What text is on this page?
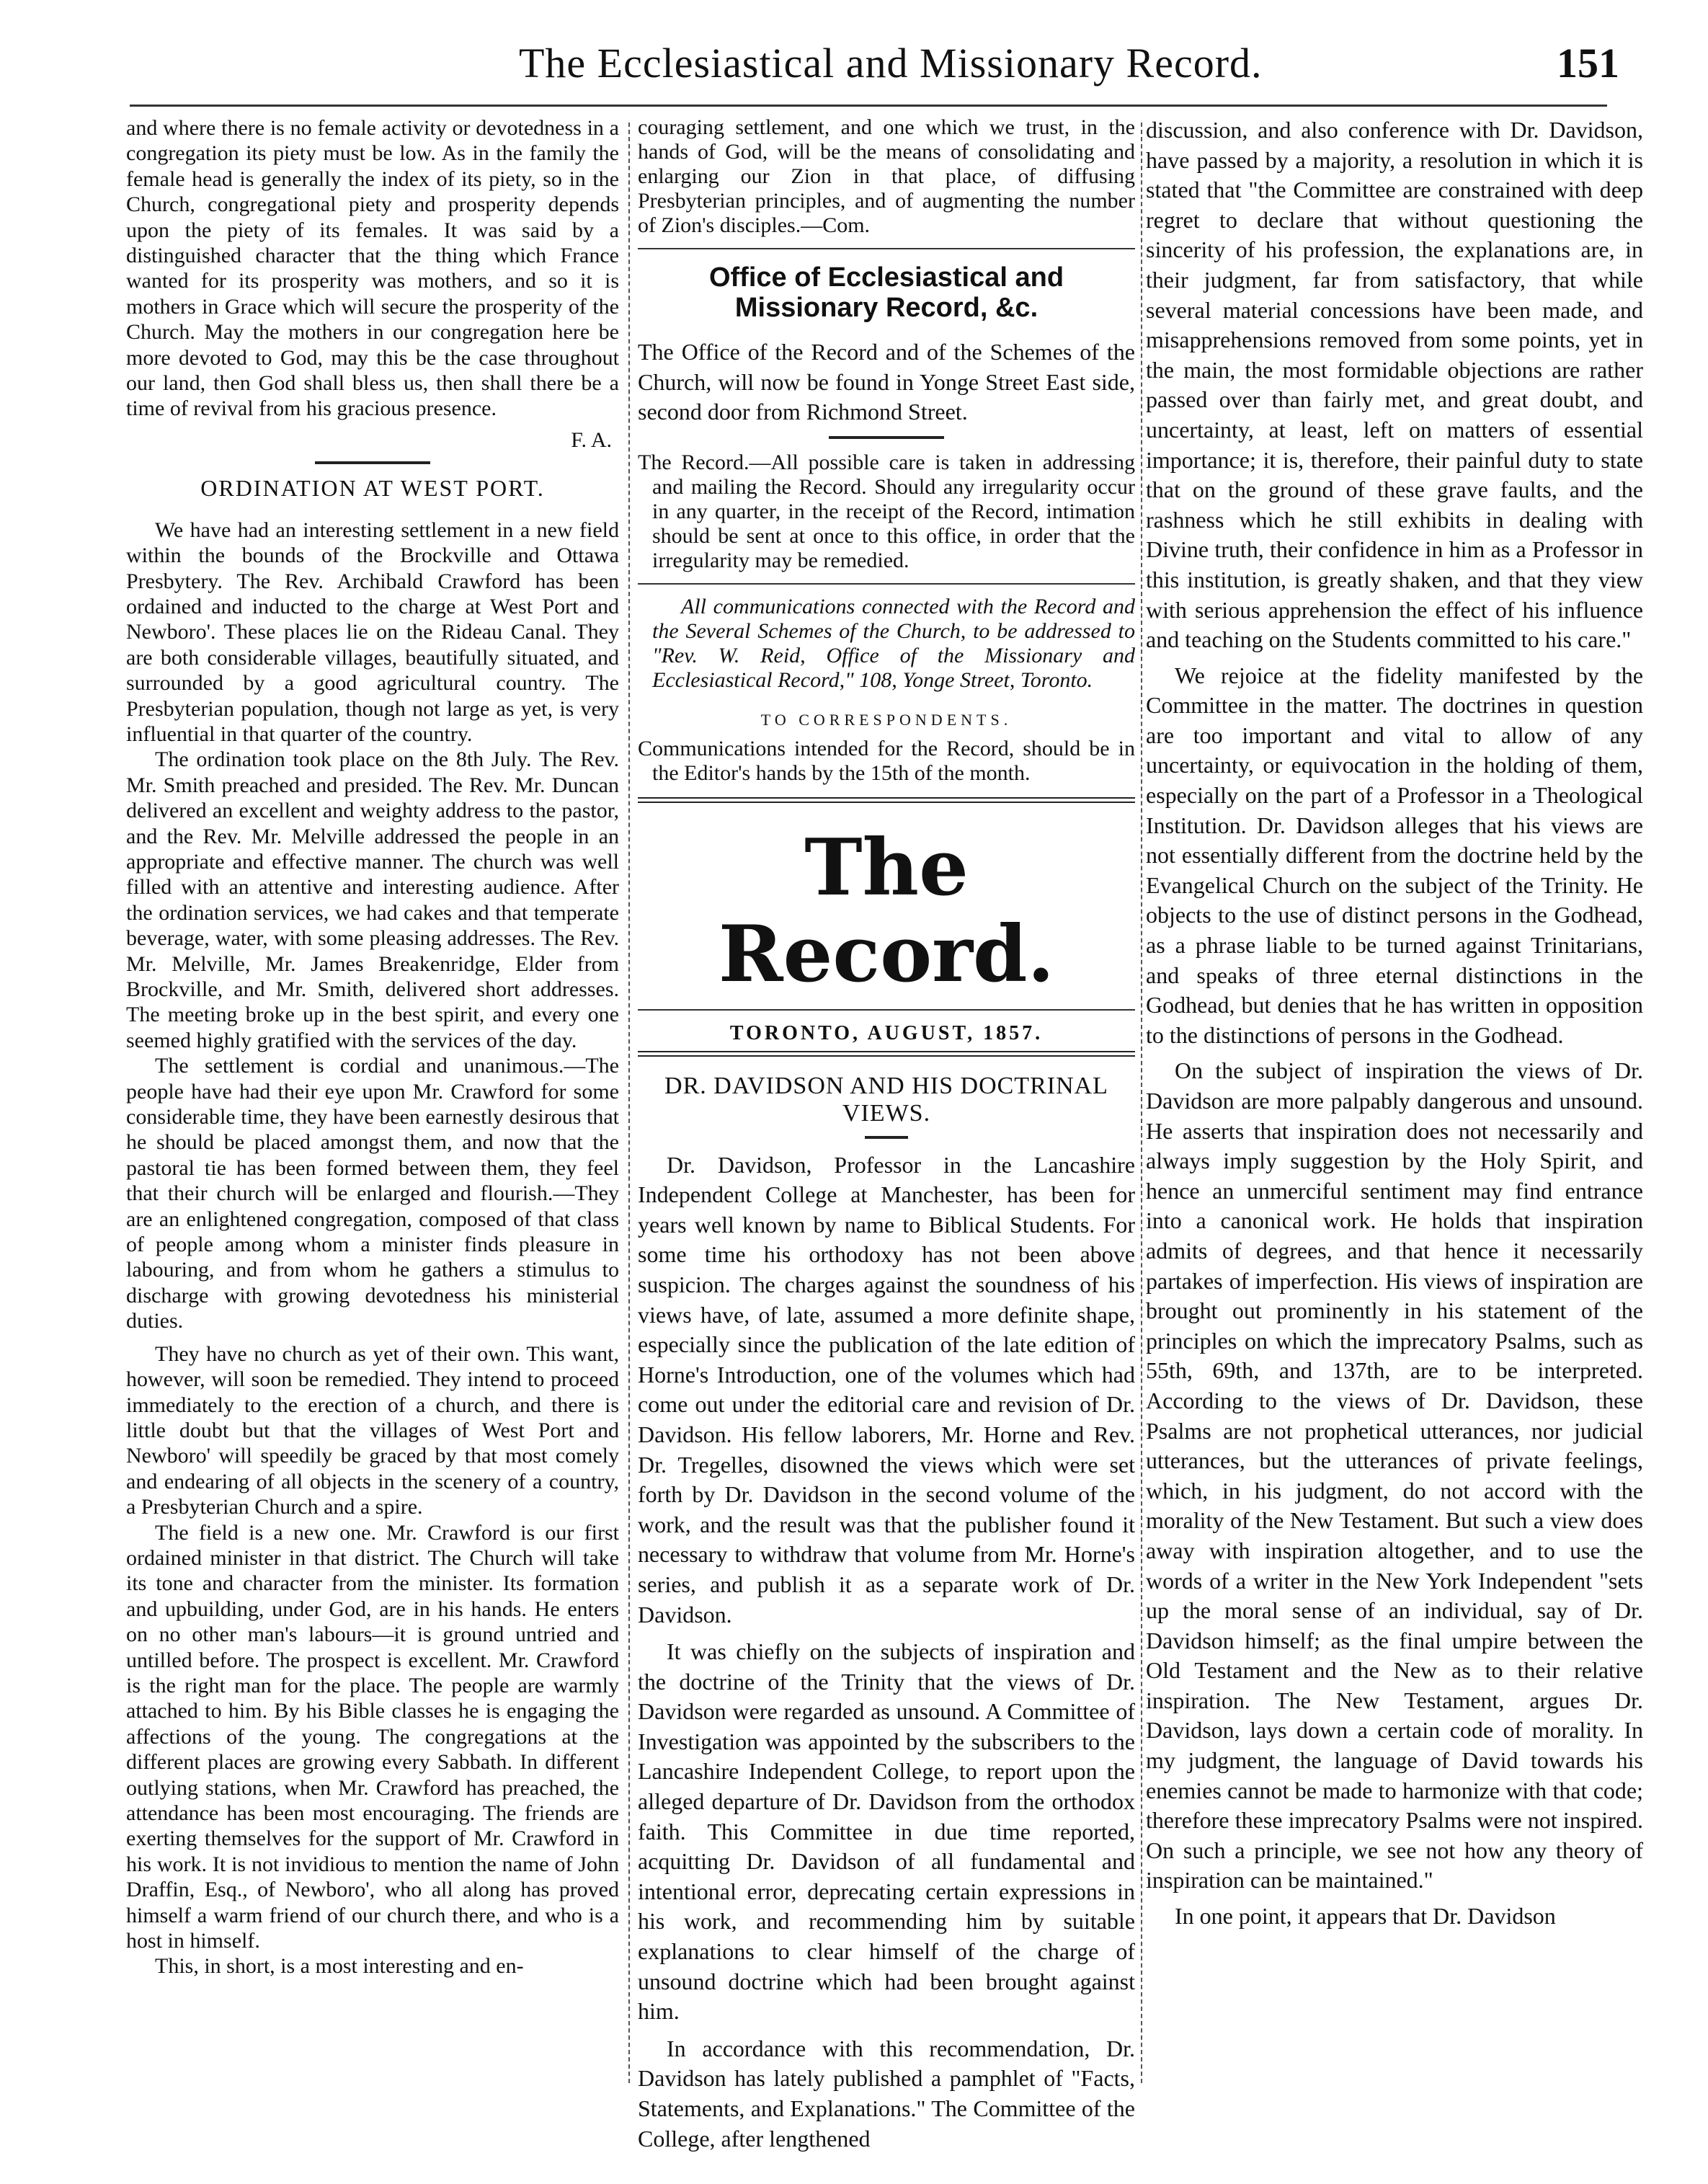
The Ecclesiastical and Missionary Record.	151

and where there is no female activity or devotedness in a congregation its piety must be low. As in the family the female head is generally the index of its piety, so in the Church, congregational piety and prosperity depends upon the piety of its females. It was said by a distinguished character that the thing which France wanted for its prosperity was mothers, and so it is mothers in Grace which will secure the prosperity of the Church. May the mothers in our congregation here be more devoted to God, may this be the case throughout our land, then God shall bless us, then shall there be a time of revival from his gracious presence.

F. A.
ORDINATION AT WEST PORT.

We have had an interesting settlement in a new field within the bounds of the Brockville and Ottawa Presbytery. The Rev. Archibald Crawford has been ordained and inducted to the charge at West Port and Newboro'. These places lie on the Rideau Canal. They are both considerable villages, beautifully situated, and surrounded by a good agricultural country. The Presbyterian population, though not large as yet, is very influential in that quarter of the country.

The ordination took place on the 8th July. The Rev. Mr. Smith preached and presided. The Rev. Mr. Duncan delivered an excellent and weighty address to the pastor, and the Rev. Mr. Melville addressed the people in an appropriate and effective manner. The church was well filled with an attentive and interesting audience. After the ordination services, we had cakes and that temperate beverage, water, with some pleasing addresses. The Rev. Mr. Melville, Mr. James Breakenridge, Elder from Brockville, and Mr. Smith, delivered short addresses. The meeting broke up in the best spirit, and every one seemed highly gratified with the services of the day.

The settlement is cordial and unanimous.—The people have had their eye upon Mr. Crawford for some considerable time, they have been earnestly desirous that he should be placed amongst them, and now that the pastoral tie has been formed between them, they feel that their church will be enlarged and flourish.—They are an enlightened congregation, composed of that class of people among whom a minister finds pleasure in labouring, and from whom he gathers a stimulus to discharge with growing devotedness his ministerial duties.

They have no church as yet of their own. This want, however, will soon be remedied. They intend to proceed immediately to the erection of a church, and there is little doubt but that the villages of West Port and Newboro' will speedily be graced by that most comely and endearing of all objects in the scenery of a country, a Presbyterian Church and a spire.

The field is a new one. Mr. Crawford is our first ordained minister in that district. The Church will take its tone and character from the minister. Its formation and upbuilding, under God, are in his hands. He enters on no other man's labours—it is ground untried and untilled before. The prospect is excellent. Mr. Crawford is the right man for the place. The people are warmly attached to him. By his Bible classes he is engaging the affections of the young. The congregations at the different places are growing every Sabbath. In different outlying stations, when Mr. Crawford has preached, the attendance has been most encouraging. The friends are exerting themselves for the support of Mr. Crawford in his work. It is not invidious to mention the name of John Draffin, Esq., of Newboro', who all along has proved himself a warm friend of our church there, and who is a host in himself.

This, in short, is a most interesting and en-

couraging settlement, and one which we trust, in the hands of God, will be the means of consolidating and enlarging our Zion in that place, of diffusing Presbyterian principles, and of augmenting the number of Zion's disciples.—Com.

Office of Ecclesiastical and Missionary Record, &c.

The Office of the Record and of the Schemes of the Church, will now be found in Yonge Street East side, second door from Richmond Street.

The Record.—All possible care is taken in addressing and mailing the Record. Should any irregularity occur in any quarter, in the receipt of the Record, intimation should be sent at once to this office, in order that the irregularity may be remedied.

All communications connected with the Record and the Several Schemes of the Church, to be addressed to "Rev. W. Reid, Office of the Missionary and Ecclesiastical Record," 108, Yonge Street, Toronto.

TO CORRESPONDENTS.

Communications intended for the Record, should be in the Editor's hands by the 15th of the month.

The Record.
TORONTO, AUGUST, 1857.
DR. DAVIDSON AND HIS DOCTRINAL VIEWS.

Dr. Davidson, Professor in the Lancashire Independent College at Manchester, has been for years well known by name to Biblical Students. For some time his orthodoxy has not been above suspicion. The charges against the soundness of his views have, of late, assumed a more definite shape, especially since the publication of the late edition of Horne's Introduction, one of the volumes which had come out under the editorial care and revision of Dr. Davidson. His fellow laborers, Mr. Horne and Rev. Dr. Tregelles, disowned the views which were set forth by Dr. Davidson in the second volume of the work, and the result was that the publisher found it necessary to withdraw that volume from Mr. Horne's series, and publish it as a separate work of Dr. Davidson.

It was chiefly on the subjects of inspiration and the doctrine of the Trinity that the views of Dr. Davidson were regarded as unsound. A Committee of Investigation was appointed by the subscribers to the Lancashire Independent College, to report upon the alleged departure of Dr. Davidson from the orthodox faith. This Committee in due time reported, acquitting Dr. Davidson of all fundamental and intentional error, deprecating certain expressions in his work, and recommending him by suitable explanations to clear himself of the charge of unsound doctrine which had been brought against him.

In accordance with this recommendation, Dr. Davidson has lately published a pamphlet of "Facts, Statements, and Explanations." The Committee of the College, after lengthened

discussion, and also conference with Dr. Davidson, have passed by a majority, a resolution in which it is stated that "the Committee are constrained with deep regret to declare that without questioning the sincerity of his profession, the explanations are, in their judgment, far from satisfactory, that while several material concessions have been made, and misapprehensions removed from some points, yet in the main, the most formidable objections are rather passed over than fairly met, and great doubt, and uncertainty, at least, left on matters of essential importance; it is, therefore, their painful duty to state that on the ground of these grave faults, and the rashness which he still exhibits in dealing with Divine truth, their confidence in him as a Professor in this institution, is greatly shaken, and that they view with serious apprehension the effect of his influence and teaching on the Students committed to his care."

We rejoice at the fidelity manifested by the Committee in the matter. The doctrines in question are too important and vital to allow of any uncertainty, or equivocation in the holding of them, especially on the part of a Professor in a Theological Institution. Dr. Davidson alleges that his views are not essentially different from the doctrine held by the Evangelical Church on the subject of the Trinity. He objects to the use of distinct persons in the Godhead, as a phrase liable to be turned against Trinitarians, and speaks of three eternal distinctions in the Godhead, but denies that he has written in opposition to the distinctions of persons in the Godhead.

On the subject of inspiration the views of Dr. Davidson are more palpably dangerous and unsound. He asserts that inspiration does not necessarily and always imply suggestion by the Holy Spirit, and hence an unmerciful sentiment may find entrance into a canonical work. He holds that inspiration admits of degrees, and that hence it necessarily partakes of imperfection. His views of inspiration are brought out prominently in his statement of the principles on which the imprecatory Psalms, such as 55th, 69th, and 137th, are to be interpreted. According to the views of Dr. Davidson, these Psalms are not prophetical utterances, nor judicial utterances, but the utterances of private feelings, which, in his judgment, do not accord with the morality of the New Testament. But such a view does away with inspiration altogether, and to use the words of a writer in the New York Independent "sets up the moral sense of an individual, say of Dr. Davidson himself; as the final umpire between the Old Testament and the New as to their relative inspiration. The New Testament, argues Dr. Davidson, lays down a certain code of morality. In my judgment, the language of David towards his enemies cannot be made to harmonize with that code; therefore these imprecatory Psalms were not inspired. On such a principle, we see not how any theory of inspiration can be maintained."

In one point, it appears that Dr. Davidson
